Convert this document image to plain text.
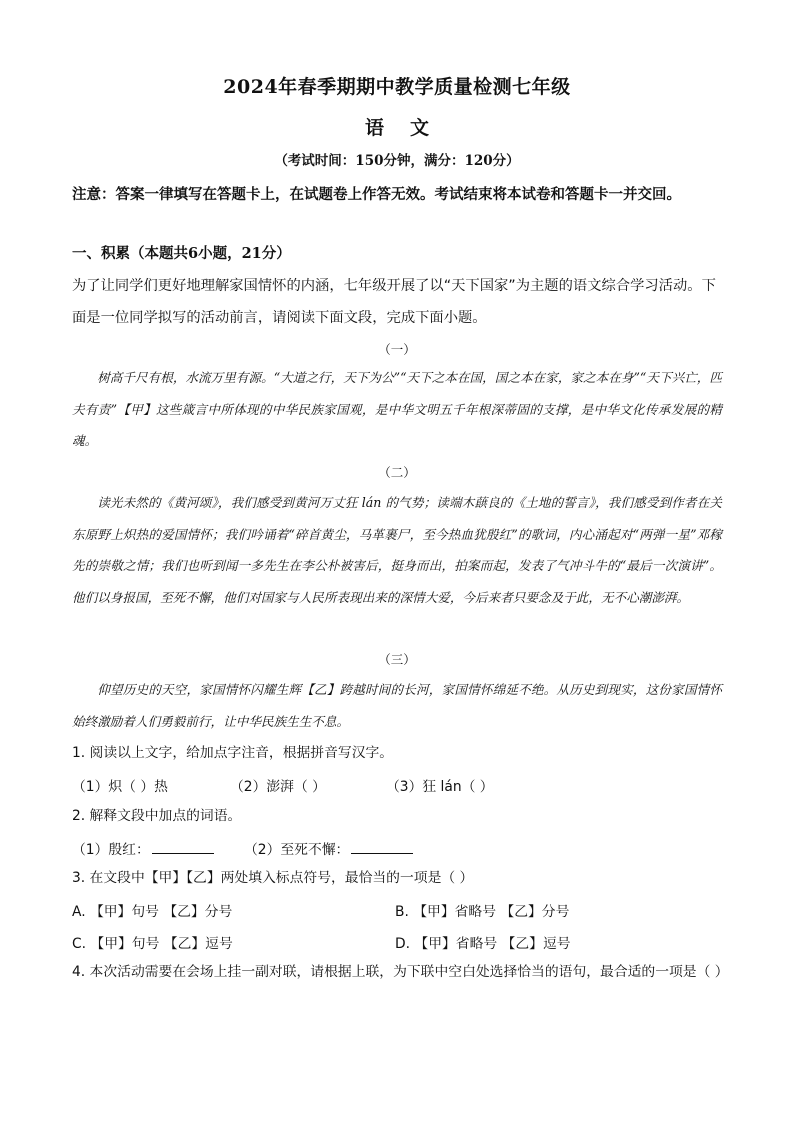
2024年春季期期中教学质量检测七年级
语文
（考试时间：150分钟，满分：120分）
注意：答案一律填写在答题卡上，在试题卷上作答无效。考试结束将本试卷和答题卡一并交回。
一、积累（本题共6小题，21分）
为了让同学们更好地理解家国情怀的内涵，七年级开展了以“天下国家”为主题的语文综合学习活动。下面是一位同学拟写的活动前言，请阅读下面文段，完成下面小题。
（一）
树高千尺有根，水流万里有源。“大道之行，天下为公”“天下之本在国，国之本在家，家之本在身”“天下兴亡，匹夫有责”【甲】这些箴言中所体现的中华民族家国观，是中华文明五千年根深蒂固的支撑，是中华文化传承发展的精魂。
（二）
读光未然的《黄河颂》，我们感受到黄河万丈狂 lán 的气势；读端木蕻良的《土地的誓言》，我们感受到作者在关东原野上炽热的爱国情怀；我们吟诵着“碎首黄尘，马革裹尸，至今热血犹殷红”的歌词，内心涌起对“两弹一星”邓稼先的崇敬之情；我们也听到闻一多先生在李公朴被害后，挺身而出，拍案而起，发表了气冲斗牛的“最后一次演讲”。他们以身报国，至死不懈，他们对国家与人民所表现出来的深情大爱，今后来者只要念及于此，无不心潮澎湃。
（三）
仰望历史的天空，家国情怀闪耀生辉【乙】跨越时间的长河，家国情怀绵延不绝。从历史到现实，这份家国情怀始终激励着人们勇毅前行，让中华民族生生不息。
1. 阅读以上文字，给加点字注音，根据拼音写汉字。
（1）炽（ ）热	（2）澎湃（ ）	（3）狂 lán（ ）
2. 解释文段中加点的词语。
（1）殷红：	（2）至死不懈：
3. 在文段中【甲】【乙】两处填入标点符号，最恰当的一项是（ ）
A. 【甲】句号 【乙】分号	B. 【甲】省略号 【乙】分号
C. 【甲】句号 【乙】逗号	D. 【甲】省略号 【乙】逗号
4. 本次活动需要在会场上挂一副对联，请根据上联，为下联中空白处选择恰当的语句，最合适的一项是（ ）
